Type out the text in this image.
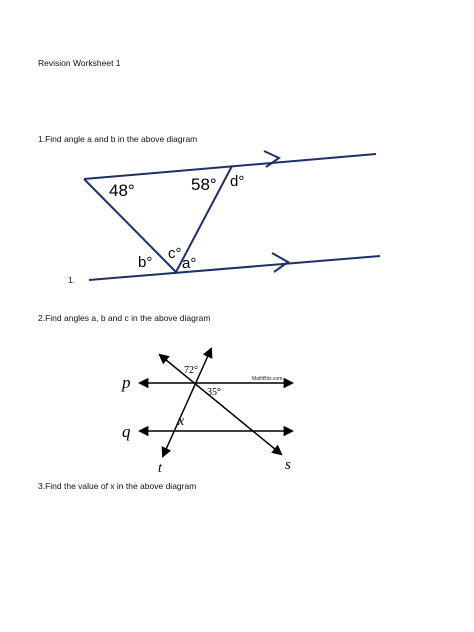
Revision Worksheet 1
1.Find angle a and b in the above diagram
48°	58° d°
c°
b° a°
1.
2.Find angles a, b and c in the above diagram
p
q
t	s
x
72°
35°
MathBits.com
3.Find the value of x in the above diagram
